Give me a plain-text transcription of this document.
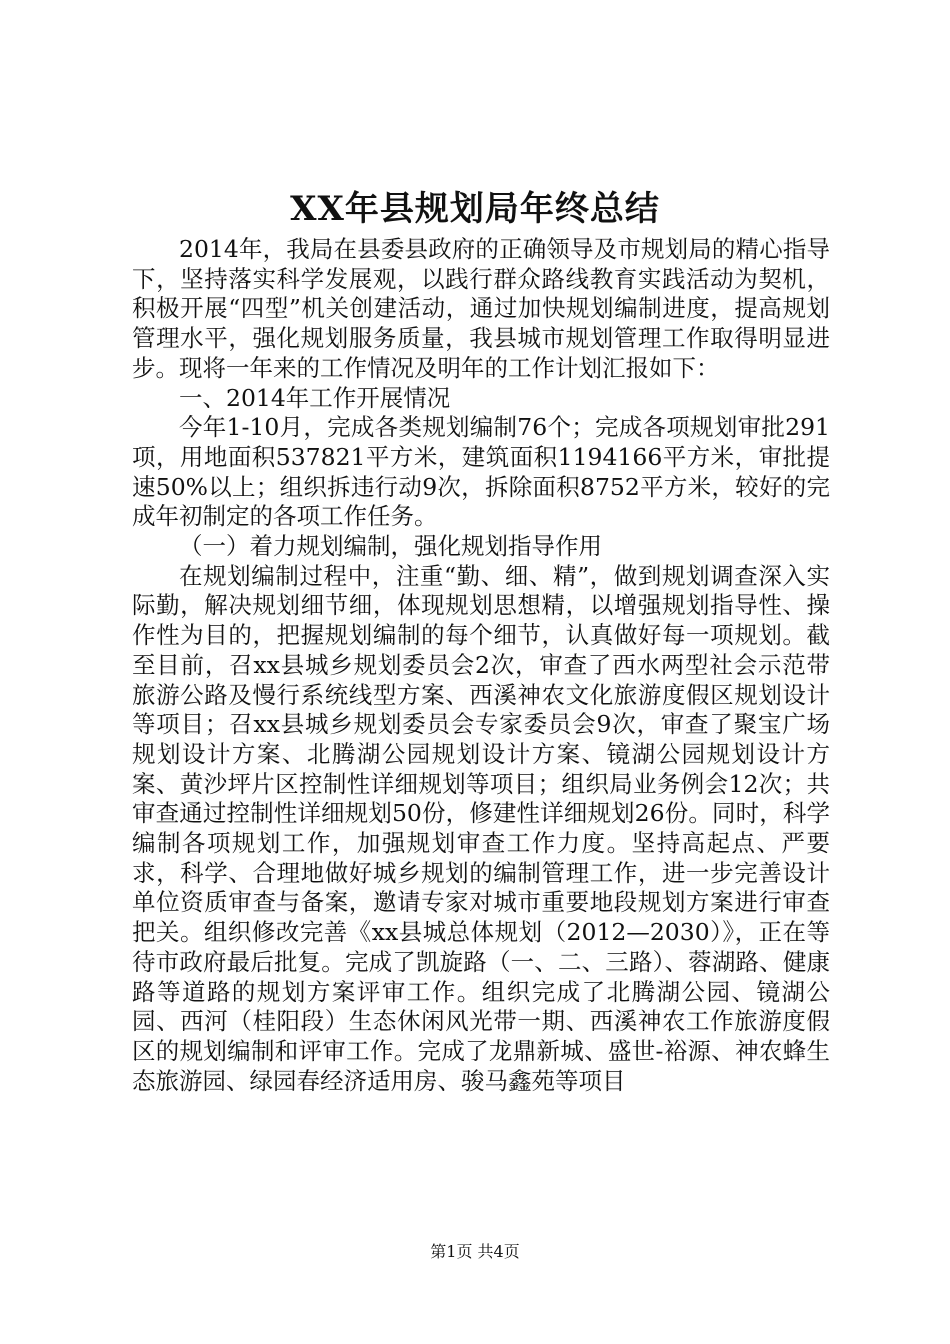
XX年县规划局年终总结

2014年，我局在县委县政府的正确领导及市规划局的精心指导下，坚持落实科学发展观，以践行群众路线教育实践活动为契机，积极开展“四型”机关创建活动，通过加快规划编制进度，提高规划管理水平，强化规划服务质量，我县城市规划管理工作取得明显进步。现将一年来的工作情况及明年的工作计划汇报如下：

一、2014年工作开展情况

今年1-10月，完成各类规划编制76个；完成各项规划审批291项，用地面积537821平方米，建筑面积1194166平方米，审批提速50%以上；组织拆违行动9次，拆除面积8752平方米，较好的完成年初制定的各项工作任务。

（一）着力规划编制，强化规划指导作用

在规划编制过程中，注重“勤、细、精”，做到规划调查深入实际勤，解决规划细节细，体现规划思想精，以增强规划指导性、操作性为目的，把握规划编制的每个细节，认真做好每一项规划。截至目前，召xx县城乡规划委员会2次，审查了西水两型社会示范带旅游公路及慢行系统线型方案、西溪神农文化旅游度假区规划设计等项目；召xx县城乡规划委员会专家委员会9次，审查了聚宝广场规划设计方案、北腾湖公园规划设计方案、镜湖公园规划设计方案、黄沙坪片区控制性详细规划等项目；组织局业务例会12次；共审查通过控制性详细规划50份，修建性详细规划26份。同时，科学编制各项规划工作，加强规划审查工作力度。坚持高起点、严要求，科学、合理地做好城乡规划的编制管理工作，进一步完善设计单位资质审查与备案，邀请专家对城市重要地段规划方案进行审查把关。组织修改完善《xx县城总体规划（2012—2030）》，正在等待市政府最后批复。完成了凯旋路（一、二、三路）、蓉湖路、健康路等道路的规划方案评审工作。组织完成了北腾湖公园、镜湖公园、西河（桂阳段）生态休闲风光带一期、西溪神农工作旅游度假区的规划编制和评审工作。完成了龙鼎新城、盛世-裕源、神农蜂生态旅游园、绿园春经济适用房、骏马鑫苑等项目

第1页 共4页
